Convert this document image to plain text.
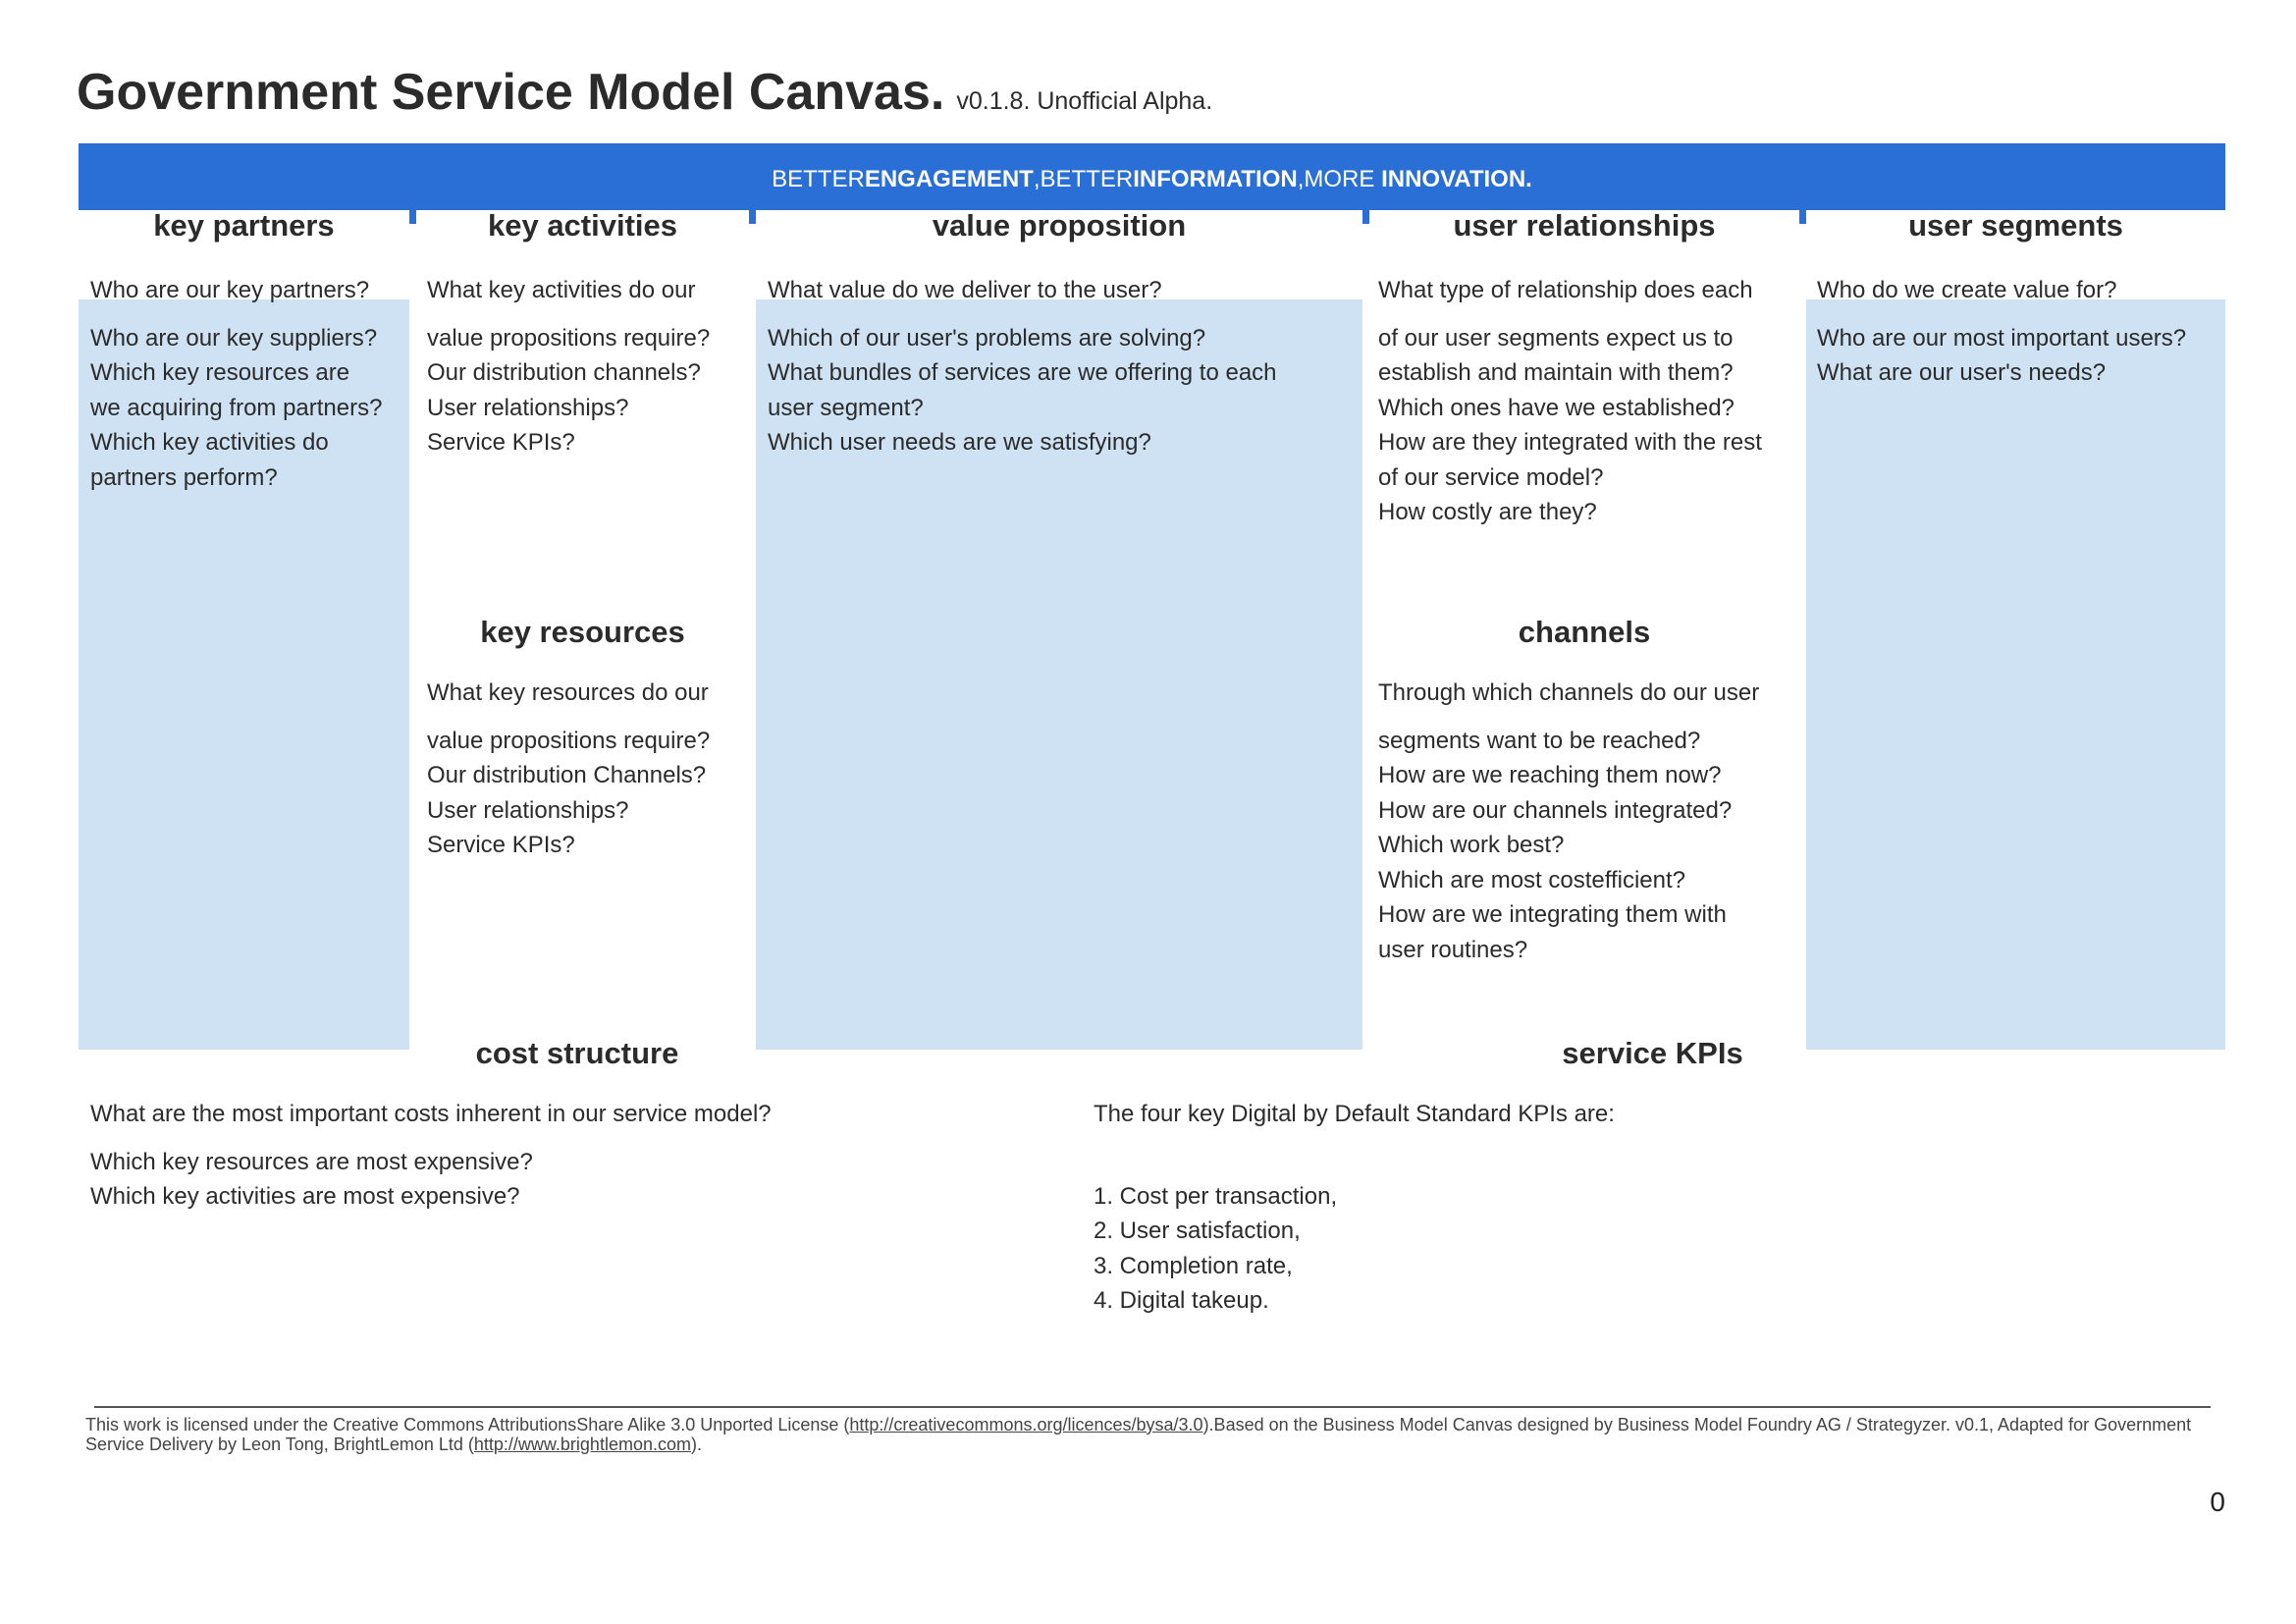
Government Service Model Canvas. v0.1.8. Unofficial Alpha.
BETTERENGAGEMENT,BETTERINFORMATION,MORE INNOVATION.
key partners	key activities	value proposition	user relationships	user segments
key resources	channels
cost structure	service KPIs
Who are our key partners?
Who are our key suppliers?
Which key resources are
we acquiring from partners?
Which key activities do
partners perform?
What key activities do our
value propositions require?
Our distribution channels?
User relationships?
Service KPIs?
What value do we deliver to the user?
Which of our user's problems are solving?
What bundles of services are we offering to each
user segment?
Which user needs are we satisfying?
What type of relationship does each
of our user segments expect us to
establish and maintain with them?
Which ones have we established?
How are they integrated with the rest
of our service model?
How costly are they?
Who do we create value for?
Who are our most important users?
What are our user's needs?
What key resources do our
value propositions require?
Our distribution Channels?
User relationships?
Service KPIs?
Through which channels do our user
segments want to be reached?
How are we reaching them now?
How are our channels integrated?
Which work best?
Which are most costefficient?
How are we integrating them with
user routines?
What are the most important costs inherent in our service model?
Which key resources are most expensive?
Which key activities are most expensive?
The four key Digital by Default Standard KPIs are:
1. Cost per transaction,
2. User satisfaction,
3. Completion rate,
4. Digital takeup.
This work is licensed under the Creative Commons AttributionsShare Alike 3.0 Unported License (http://creativecommons.org/licences/bysa/3.0).Based on the Business Model Canvas designed by Business Model Foundry AG / Strategyzer. v0.1, Adapted for Government Service Delivery by Leon Tong, BrightLemon Ltd (http://www.brightlemon.com).
0
